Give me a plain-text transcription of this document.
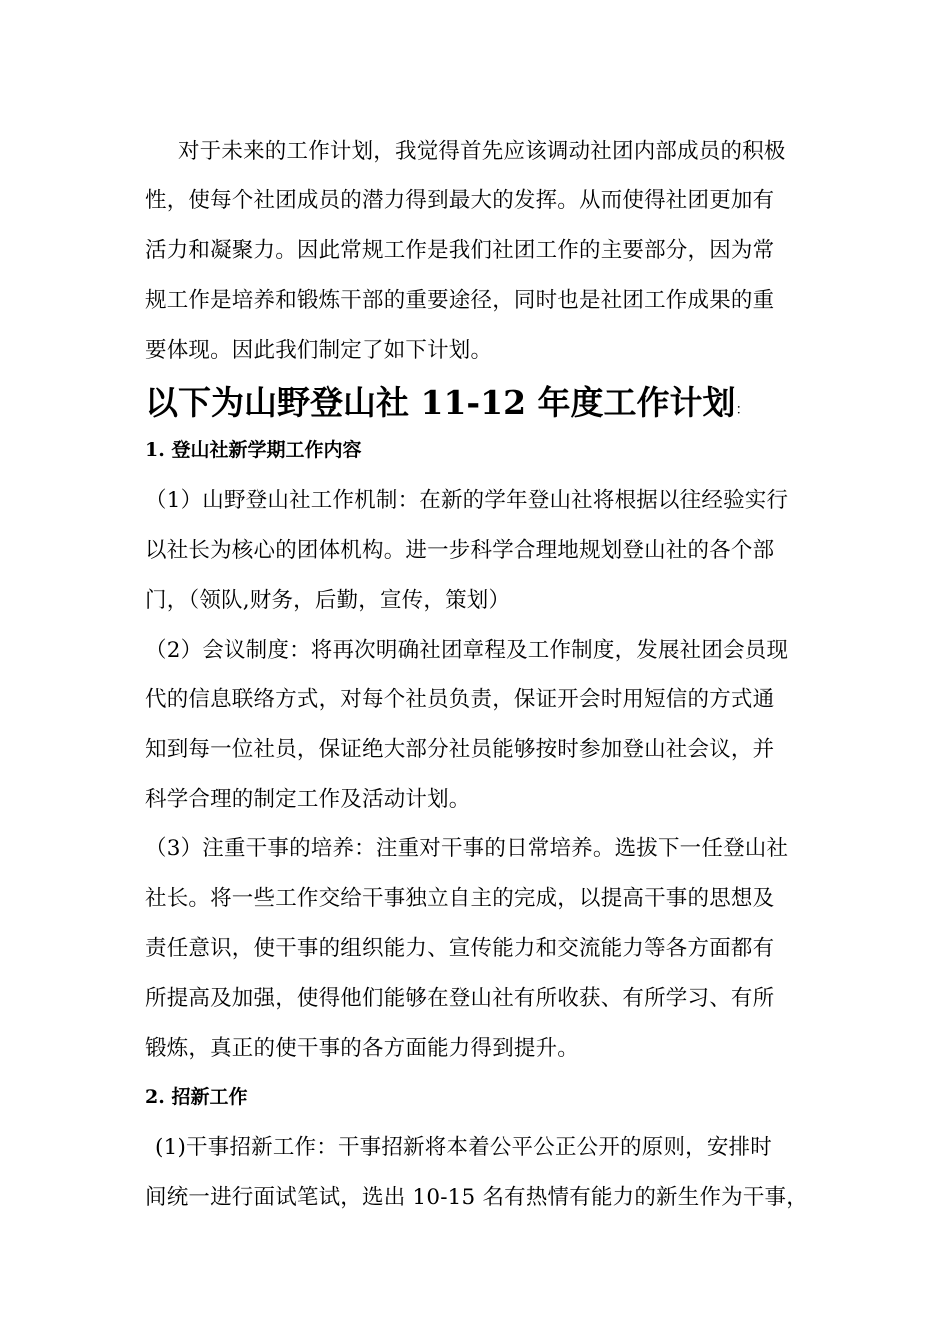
对于未来的工作计划，我觉得首先应该调动社团内部成员的积极
性，使每个社团成员的潜力得到最大的发挥。从而使得社团更加有
活力和凝聚力。因此常规工作是我们社团工作的主要部分，因为常
规工作是培养和锻炼干部的重要途径，同时也是社团工作成果的重
要体现。因此我们制定了如下计划。
以下为山野登山社 11-12 年度工作计划：
1. 登山社新学期工作内容
（1）山野登山社工作机制：在新的学年登山社将根据以往经验实行
以社长为核心的团体机构。进一步科学合理地规划登山社的各个部
门，（领队,财务，后勤，宣传，策划）
（2）会议制度：将再次明确社团章程及工作制度，发展社团会员现
代的信息联络方式，对每个社员负责，保证开会时用短信的方式通
知到每一位社员，保证绝大部分社员能够按时参加登山社会议，并
科学合理的制定工作及活动计划。
（3）注重干事的培养：注重对干事的日常培养。选拔下一任登山社
社长。将一些工作交给干事独立自主的完成，以提高干事的思想及
责任意识，使干事的组织能力、宣传能力和交流能力等各方面都有
所提高及加强，使得他们能够在登山社有所收获、有所学习、有所
锻炼，真正的使干事的各方面能力得到提升。
2. 招新工作
(1)干事招新工作：干事招新将本着公平公正公开的原则，安排时
间统一进行面试笔试，选出 10-15 名有热情有能力的新生作为干事，
